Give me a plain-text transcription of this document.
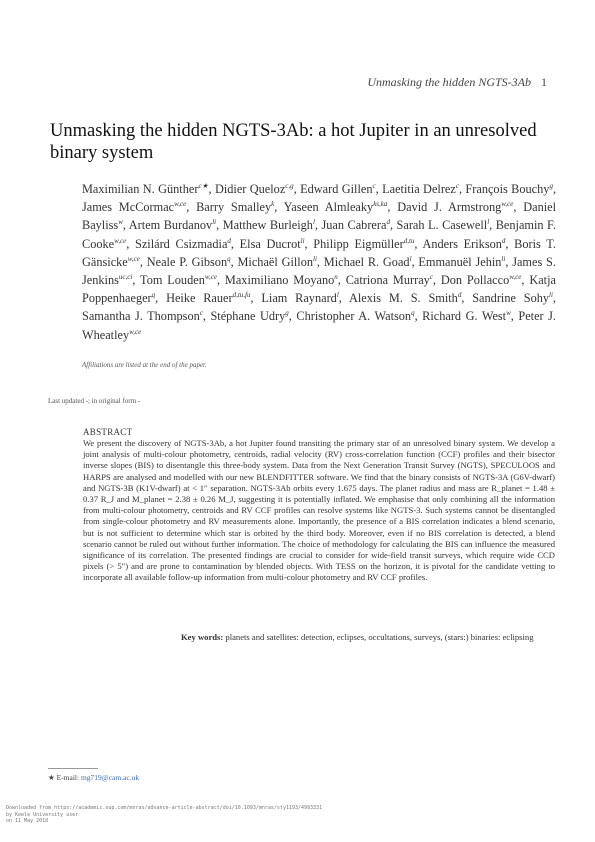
Unmasking the hidden NGTS-3Ab 1
Unmasking the hidden NGTS-3Ab: a hot Jupiter in an unresolved binary system
Maximilian N. Günther$^{c★}$, Didier Queloz$^{c,g}$, Edward Gillen$^c$, Laetitia Delrez$^c$, François Bouchy$^g$, James McCormac$^{w,ce}$, Barry Smalley$^k$, Yaseen Almleaky$^{ks,ka}$, David J. Armstrong$^{w,ce}$, Daniel Bayliss$^w$, Artem Burdanov$^{li}$, Matthew Burleigh$^l$, Juan Cabrera$^d$, Sarah L. Casewell$^l$, Benjamin F. Cooke$^{w,ce}$, Szilárd Csizmadia$^d$, Elsa Ducrot$^{li}$, Philipp Eigmüller$^{d,tu}$, Anders Erikson$^d$, Boris T. Gänsicke$^{w,ce}$, Neale P. Gibson$^q$, Michaël Gillon$^{li}$, Michael R. Goad$^l$, Emmanuël Jehin$^{li}$, James S. Jenkins$^{uc,ci}$, Tom Louden$^{w,ce}$, Maximiliano Moyano$^n$, Catriona Murray$^c$, Don Pollacco$^{w,ce}$, Katja Poppenhaeger$^q$, Heike Rauer$^{d,tu,fu}$, Liam Raynard$^l$, Alexis M. S. Smith$^d$, Sandrine Sohy$^{li}$, Samantha J. Thompson$^c$, Stéphane Udry$^g$, Christopher A. Watson$^q$, Richard G. West$^w$, Peter J. Wheatley$^{w,ce}$
Affiliations are listed at the end of the paper.
Last updated -; in original form -
ABSTRACT
We present the discovery of NGTS-3Ab, a hot Jupiter found transiting the primary star of an unresolved binary system. We develop a joint analysis of multi-colour photometry, centroids, radial velocity (RV) cross-correlation function (CCF) profiles and their bisector inverse slopes (BIS) to disentangle this three-body system. Data from the Next Generation Transit Survey (NGTS), SPECULOOS and HARPS are analysed and modelled with our new BLENDFITTER software. We find that the binary consists of NGTS-3A (G6V-dwarf) and NGTS-3B (K1V-dwarf) at < 1″ separation. NGTS-3Ab orbits every 1.675 days. The planet radius and mass are R_planet = 1.48 ± 0.37 R_J and M_planet = 2.38 ± 0.26 M_J, suggesting it is potentially inflated. We emphasise that only combining all the information from multi-colour photometry, centroids and RV CCF profiles can resolve systems like NGTS-3. Such systems cannot be disentangled from single-colour photometry and RV measurements alone. Importantly, the presence of a BIS correlation indicates a blend scenario, but is not sufficient to determine which star is orbited by the third body. Moreover, even if no BIS correlation is detected, a blend scenario cannot be ruled out without further information. The choice of methodology for calculating the BIS can influence the measured significance of its correlation. The presented findings are crucial to consider for wide-field transit surveys, which require wide CCD pixels (> 5″) and are prone to contamination by blended objects. With TESS on the horizon, it is pivotal for the candidate vetting to incorporate all available follow-up information from multi-colour photometry and RV CCF profiles.
Key words: planets and satellites: detection, eclipses, occultations, surveys, (stars:) binaries: eclipsing
★ E-mail: mg719@cam.ac.uk
Downloaded from https://academic.oup.com/mnras/advance-article-abstract/doi/10.1093/mnras/sty1193/4993331
by Keele University user
on 11 May 2018
